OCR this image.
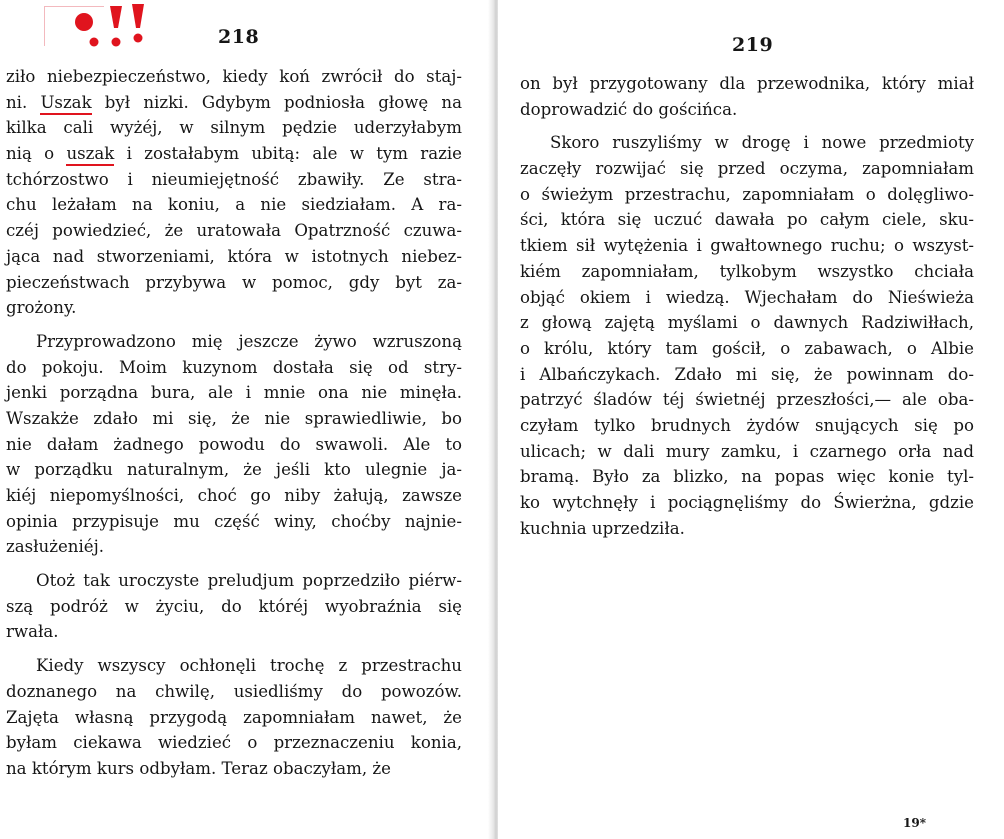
218
ziło niebezpieczeństwo, kiedy koń zwrócił do staj-
ni. Uszak był nizki. Gdybym podniosła głowę na
kilka cali wyżéj, w silnym pędzie uderzyłabym
nią o uszak i zostałabym ubitą: ale w tym razie
tchórzostwo i nieumiejętność zbawiły. Ze stra-
chu leżałam na koniu, a nie siedziałam. A ra-
czéj powiedzieć, że uratowała Opatrzność czuwa-
jąca nad stworzeniami, która w istotnych niebez-
pieczeństwach przybywa w pomoc, gdy byt za-
grożony.
Przyprowadzono mię jeszcze żywo wzruszoną
do pokoju. Moim kuzynom dostała się od stry-
jenki porządna bura, ale i mnie ona nie minęła.
Wszakże zdało mi się, że nie sprawiedliwie, bo
nie dałam żadnego powodu do swawoli. Ale to
w porządku naturalnym, że jeśli kto ulegnie ja-
kiéj niepomyślności, choć go niby żałują, zawsze
opinia przypisuje mu część winy, choćby najnie-
zasłużeniéj.
Otoż tak uroczyste preludjum poprzedziło piérw-
szą podróż w życiu, do któréj wyobraźnia się
rwała.
Kiedy wszyscy ochłonęli trochę z przestrachu
doznanego na chwilę, usiedliśmy do powozów.
Zajęta własną przygodą zapomniałam nawet, że
byłam ciekawa wiedzieć o przeznaczeniu konia,
na którym kurs odbyłam. Teraz obaczyłam, że
219
on był przygotowany dla przewodnika, który miał
doprowadzić do gościńca.
Skoro ruszyliśmy w drogę i nowe przedmioty
zaczęły rozwijać się przed oczyma, zapomniałam
o świeżym przestrachu, zapomniałam o dolęgliwo-
ści, która się uczuć dawała po całym ciele, sku-
tkiem sił wytężenia i gwałtownego ruchu; o wszyst-
kiém zapomniałam, tylkobym wszystko chciała
objąć okiem i wiedzą. Wjechałam do Nieświeża
z głową zajętą myślami o dawnych Radziwiłłach,
o królu, który tam gościł, o zabawach, o Albie
i Albańczykach. Zdało mi się, że powinnam do-
patrzyć śladów téj świetnéj przeszłości,— ale oba-
czyłam tylko brudnych żydów snujących się po
ulicach; w dali mury zamku, i czarnego orła nad
bramą. Było za blizko, na popas więc konie tyl-
ko wytchnęły i pociągnęliśmy do Świerżna, gdzie
kuchnia uprzedziła.
19*
